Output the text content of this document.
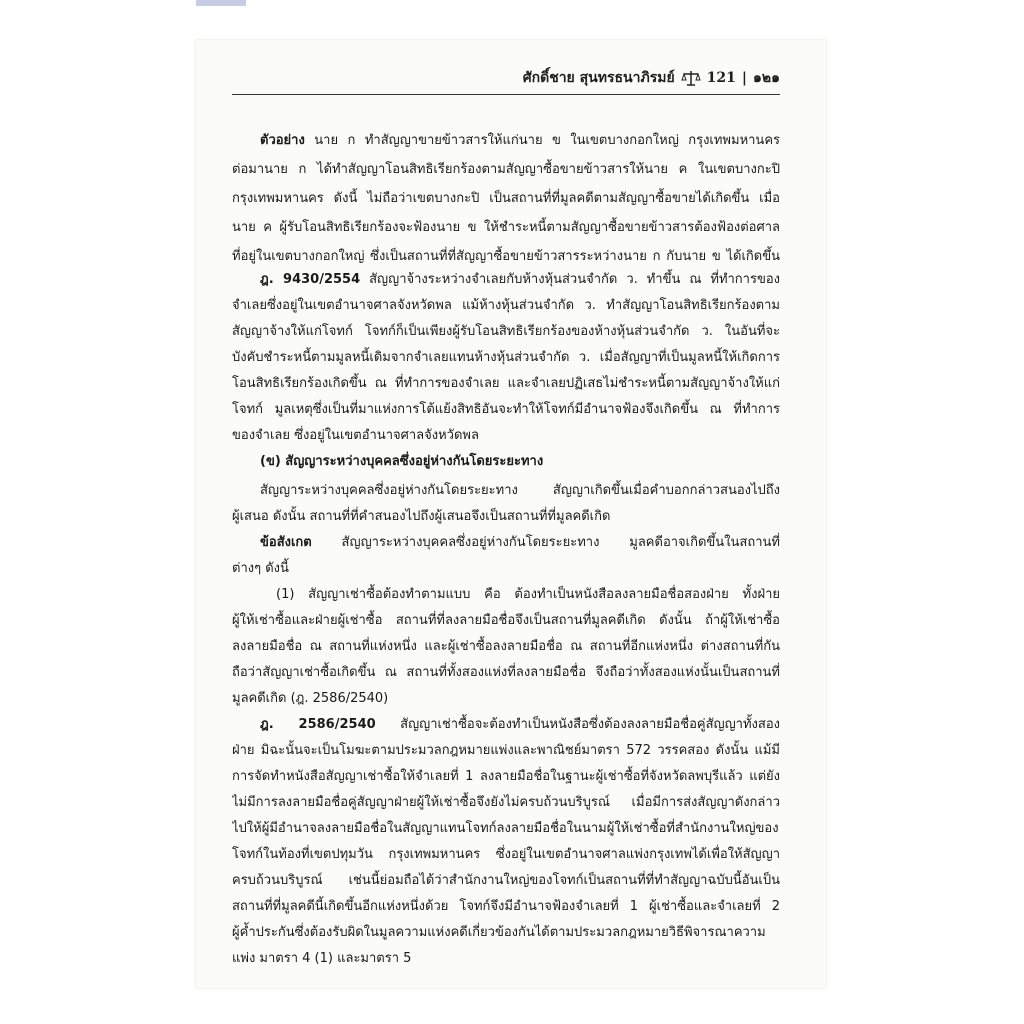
ศักดิ์ชาย สุนทรธนาภิรมย์ 121 | ๑๒๑
ตัวอย่าง นาย ก ทำสัญญาขายข้าวสารให้แก่นาย ข ในเขตบางกอกใหญ่ กรุงเทพมหานคร
ต่อมานาย ก ได้ทำสัญญาโอนสิทธิเรียกร้องตามสัญญาซื้อขายข้าวสารให้นาย ค ในเขตบางกะปิ
กรุงเทพมหานคร ดังนี้ ไม่ถือว่าเขตบางกะปิ เป็นสถานที่ที่มูลคดีตามสัญญาซื้อขายได้เกิดขึ้น เมื่อ
นาย ค ผู้รับโอนสิทธิเรียกร้องจะฟ้องนาย ข ให้ชำระหนี้ตามสัญญาซื้อขายข้าวสารต้องฟ้องต่อศาล
ที่อยู่ในเขตบางกอกใหญ่ ซึ่งเป็นสถานที่ที่สัญญาซื้อขายข้าวสารระหว่างนาย ก กับนาย ข ได้เกิดขึ้น
ฎ. 9430/2554 สัญญาจ้างระหว่างจำเลยกับห้างหุ้นส่วนจำกัด ว. ทำขึ้น ณ ที่ทำการของ
จำเลยซึ่งอยู่ในเขตอำนาจศาลจังหวัดพล แม้ห้างหุ้นส่วนจำกัด ว. ทำสัญญาโอนสิทธิเรียกร้องตาม
สัญญาจ้างให้แก่โจทก์ โจทก์ก็เป็นเพียงผู้รับโอนสิทธิเรียกร้องของห้างหุ้นส่วนจำกัด ว. ในอันที่จะ
บังคับชำระหนี้ตามมูลหนี้เดิมจากจำเลยแทนห้างหุ้นส่วนจำกัด ว. เมื่อสัญญาที่เป็นมูลหนี้ให้เกิดการ
โอนสิทธิเรียกร้องเกิดขึ้น ณ ที่ทำการของจำเลย และจำเลยปฏิเสธไม่ชำระหนี้ตามสัญญาจ้างให้แก่
โจทก์ มูลเหตุซึ่งเป็นที่มาแห่งการโต้แย้งสิทธิอันจะทำให้โจทก์มีอำนาจฟ้องจึงเกิดขึ้น ณ ที่ทำการ
ของจำเลย ซึ่งอยู่ในเขตอำนาจศาลจังหวัดพล
(ข) สัญญาระหว่างบุคคลซึ่งอยู่ห่างกันโดยระยะทาง
สัญญาระหว่างบุคคลซึ่งอยู่ห่างกันโดยระยะทาง สัญญาเกิดขึ้นเมื่อคำบอกกล่าวสนองไปถึง
ผู้เสนอ ดังนั้น สถานที่ที่คำสนองไปถึงผู้เสนอจึงเป็นสถานที่ที่มูลคดีเกิด
ข้อสังเกต สัญญาระหว่างบุคคลซึ่งอยู่ห่างกันโดยระยะทาง มูลคดีอาจเกิดขึ้นในสถานที่
ต่างๆ ดังนี้
(1) สัญญาเช่าซื้อต้องทำตามแบบ คือ ต้องทำเป็นหนังสือลงลายมือชื่อสองฝ่าย ทั้งฝ่าย
ผู้ให้เช่าซื้อและฝ่ายผู้เช่าซื้อ สถานที่ที่ลงลายมือชื่อจึงเป็นสถานที่มูลคดีเกิด ดังนั้น ถ้าผู้ให้เช่าซื้อ
ลงลายมือชื่อ ณ สถานที่แห่งหนึ่ง และผู้เช่าซื้อลงลายมือชื่อ ณ สถานที่อีกแห่งหนึ่ง ต่างสถานที่กัน
ถือว่าสัญญาเช่าซื้อเกิดขึ้น ณ สถานที่ทั้งสองแห่งที่ลงลายมือชื่อ จึงถือว่าทั้งสองแห่งนั้นเป็นสถานที่
มูลคดีเกิด (ฎ. 2586/2540)
ฎ. 2586/2540 สัญญาเช่าซื้อจะต้องทำเป็นหนังสือซึ่งต้องลงลายมือชื่อคู่สัญญาทั้งสอง
ฝ่าย มิฉะนั้นจะเป็นโมฆะตามประมวลกฎหมายแพ่งและพาณิชย์มาตรา 572 วรรคสอง ดังนั้น แม้มี
การจัดทำหนังสือสัญญาเช่าซื้อให้จำเลยที่ 1 ลงลายมือชื่อในฐานะผู้เช่าซื้อที่จังหวัดลพบุรีแล้ว แต่ยัง
ไม่มีการลงลายมือชื่อคู่สัญญาฝ่ายผู้ให้เช่าซื้อจึงยังไม่ครบถ้วนบริบูรณ์ เมื่อมีการส่งสัญญาดังกล่าว
ไปให้ผู้มีอำนาจลงลายมือชื่อในสัญญาแทนโจทก์ลงลายมือชื่อในนามผู้ให้เช่าซื้อที่สำนักงานใหญ่ของ
โจทก์ในท้องที่เขตปทุมวัน กรุงเทพมหานคร ซึ่งอยู่ในเขตอำนาจศาลแพ่งกรุงเทพได้เพื่อให้สัญญา
ครบถ้วนบริบูรณ์ เช่นนี้ย่อมถือได้ว่าสำนักงานใหญ่ของโจทก์เป็นสถานที่ที่ทำสัญญาฉบับนี้อันเป็น
สถานที่ที่มูลคดีนี้เกิดขึ้นอีกแห่งหนึ่งด้วย โจทก์จึงมีอำนาจฟ้องจำเลยที่ 1 ผู้เช่าซื้อและจำเลยที่ 2
ผู้ค้ำประกันซึ่งต้องรับผิดในมูลความแห่งคดีเกี่ยวข้องกันได้ตามประมวลกฎหมายวิธีพิจารณาความ
แพ่ง มาตรา 4 (1) และมาตรา 5
